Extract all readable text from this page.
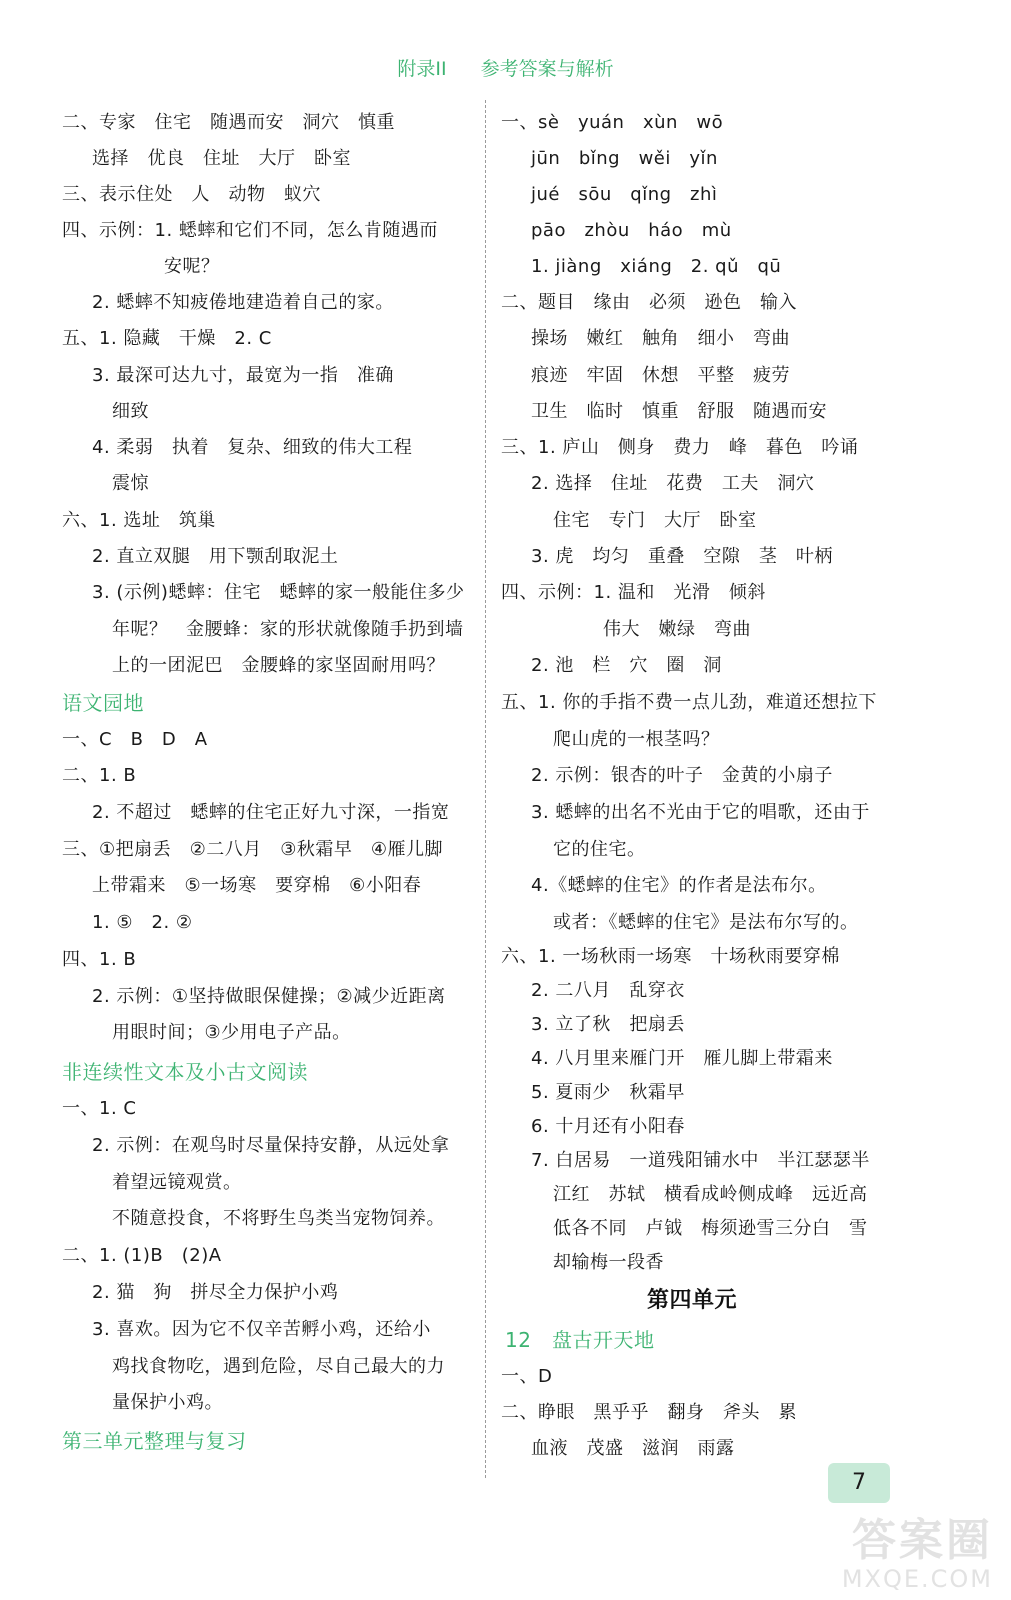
附录II 参考答案与解析
二、专家　住宅　随遇而安　洞穴　慎重
选择　优良　住址　大厅　卧室
三、表示住处　人　动物　蚁穴
四、示例：1. 蟋蟀和它们不同，怎么肯随遇而
安呢？
2. 蟋蟀不知疲倦地建造着自己的家。
五、1. 隐藏　干燥　2. C
3. 最深可达九寸，最宽为一指　准确
细致
4. 柔弱　执着　复杂、细致的伟大工程
震惊
六、1. 选址　筑巢
2. 直立双腿　用下颚刮取泥土
3. (示例)蟋蟀：住宅　蟋蟀的家一般能住多少
年呢？　金腰蜂：家的形状就像随手扔到墙
上的一团泥巴　金腰蜂的家坚固耐用吗？
语文园地
一、C　B　D　A
二、1. B
2. 不超过　蟋蟀的住宅正好九寸深，一指宽
三、①把扇丢　②二八月　③秋霜早　④雁儿脚
上带霜来　⑤一场寒　要穿棉　⑥小阳春
1. ⑤　2. ②
四、1. B
2. 示例：①坚持做眼保健操；②减少近距离
用眼时间；③少用电子产品。
非连续性文本及小古文阅读
一、1. C
2. 示例：在观鸟时尽量保持安静，从远处拿
着望远镜观赏。
不随意投食，不将野生鸟类当宠物饲养。
二、1. (1)B　(2)A
2. 猫　狗　拼尽全力保护小鸡
3. 喜欢。因为它不仅辛苦孵小鸡，还给小
鸡找食物吃，遇到危险，尽自己最大的力
量保护小鸡。
第三单元整理与复习
一、sè　yuán　xùn　wō
jūn　bǐng　wěi　yǐn
jué　sōu　qǐng　zhì
pāo　zhòu　háo　mù
1. jiàng　xiáng　2. qǔ　qū
二、题目　缘由　必须　逊色　输入
操场　嫩红　触角　细小　弯曲
痕迹　牢固　休想　平整　疲劳
卫生　临时　慎重　舒服　随遇而安
三、1. 庐山　侧身　费力　峰　暮色　吟诵
2. 选择　住址　花费　工夫　洞穴
住宅　专门　大厅　卧室
3. 虎　均匀　重叠　空隙　茎　叶柄
四、示例：1. 温和　光滑　倾斜
伟大　嫩绿　弯曲
2. 池　栏　穴　圈　洞
五、1. 你的手指不费一点儿劲，难道还想拉下
爬山虎的一根茎吗？
2. 示例：银杏的叶子　金黄的小扇子
3. 蟋蟀的出名不光由于它的唱歌，还由于
它的住宅。
4.《蟋蟀的住宅》的作者是法布尔。
或者：《蟋蟀的住宅》是法布尔写的。
六、1. 一场秋雨一场寒　十场秋雨要穿棉
2. 二八月　乱穿衣
3. 立了秋　把扇丢
4. 八月里来雁门开　雁儿脚上带霜来
5. 夏雨少　秋霜早
6. 十月还有小阳春
7. 白居易　一道残阳铺水中　半江瑟瑟半
江红　苏轼　横看成岭侧成峰　远近高
低各不同　卢钺　梅须逊雪三分白　雪
却输梅一段香
第四单元
12　盘古开天地
一、D
二、睁眼　黑乎乎　翻身　斧头　累
血液　茂盛　滋润　雨露
7
答案圈
MXQE.COM
